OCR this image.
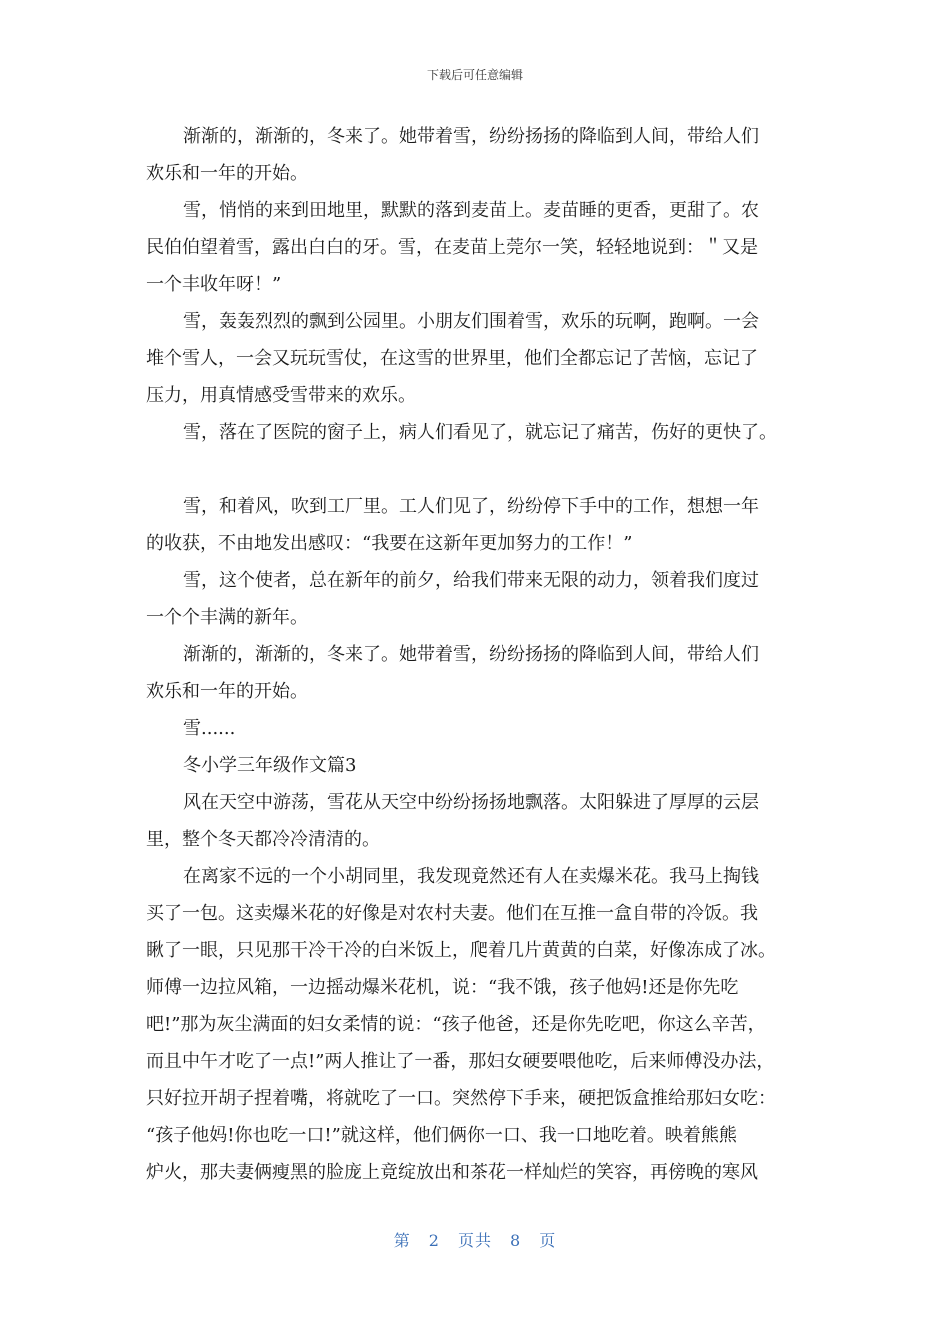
下载后可任意编辑
渐渐的，渐渐的，冬来了。她带着雪，纷纷扬扬的降临到人间，带给人们
欢乐和一年的开始。
雪，悄悄的来到田地里，默默的落到麦苗上。麦苗睡的更香，更甜了。农
民伯伯望着雪，露出白白的牙。雪，在麦苗上莞尔一笑，轻轻地说到：＂又是
一个丰收年呀！”
雪，轰轰烈烈的飘到公园里。小朋友们围着雪，欢乐的玩啊，跑啊。一会
堆个雪人，一会又玩玩雪仗，在这雪的世界里，他们全都忘记了苦恼，忘记了
压力，用真情感受雪带来的欢乐。
雪，落在了医院的窗子上，病人们看见了，就忘记了痛苦，伤好的更快了。
雪，和着风，吹到工厂里。工人们见了，纷纷停下手中的工作，想想一年
的收获，不由地发出感叹：“我要在这新年更加努力的工作！”
雪，这个使者，总在新年的前夕，给我们带来无限的动力，领着我们度过
一个个丰满的新年。
渐渐的，渐渐的，冬来了。她带着雪，纷纷扬扬的降临到人间，带给人们
欢乐和一年的开始。
雪......
冬小学三年级作文篇3
风在天空中游荡，雪花从天空中纷纷扬扬地飘落。太阳躲进了厚厚的云层
里，整个冬天都冷冷清清的。
在离家不远的一个小胡同里，我发现竟然还有人在卖爆米花。我马上掏钱
买了一包。这卖爆米花的好像是对农村夫妻。他们在互推一盒自带的冷饭。我
瞅了一眼，只见那干冷干冷的白米饭上，爬着几片黄黄的白菜，好像冻成了冰。
师傅一边拉风箱，一边摇动爆米花机，说：“我不饿，孩子他妈!还是你先吃
吧!”那为灰尘满面的妇女柔情的说：“孩子他爸，还是你先吃吧，你这么辛苦，
而且中午才吃了一点!”两人推让了一番，那妇女硬要喂他吃，后来师傅没办法，
只好拉开胡子捏着嘴，将就吃了一口。突然停下手来，硬把饭盒推给那妇女吃：
“孩子他妈!你也吃一口!”就这样，他们俩你一口、我一口地吃着。映着熊熊
炉火，那夫妻俩瘦黑的脸庞上竟绽放出和茶花一样灿烂的笑容，再傍晚的寒风
第 2 页共 8 页
